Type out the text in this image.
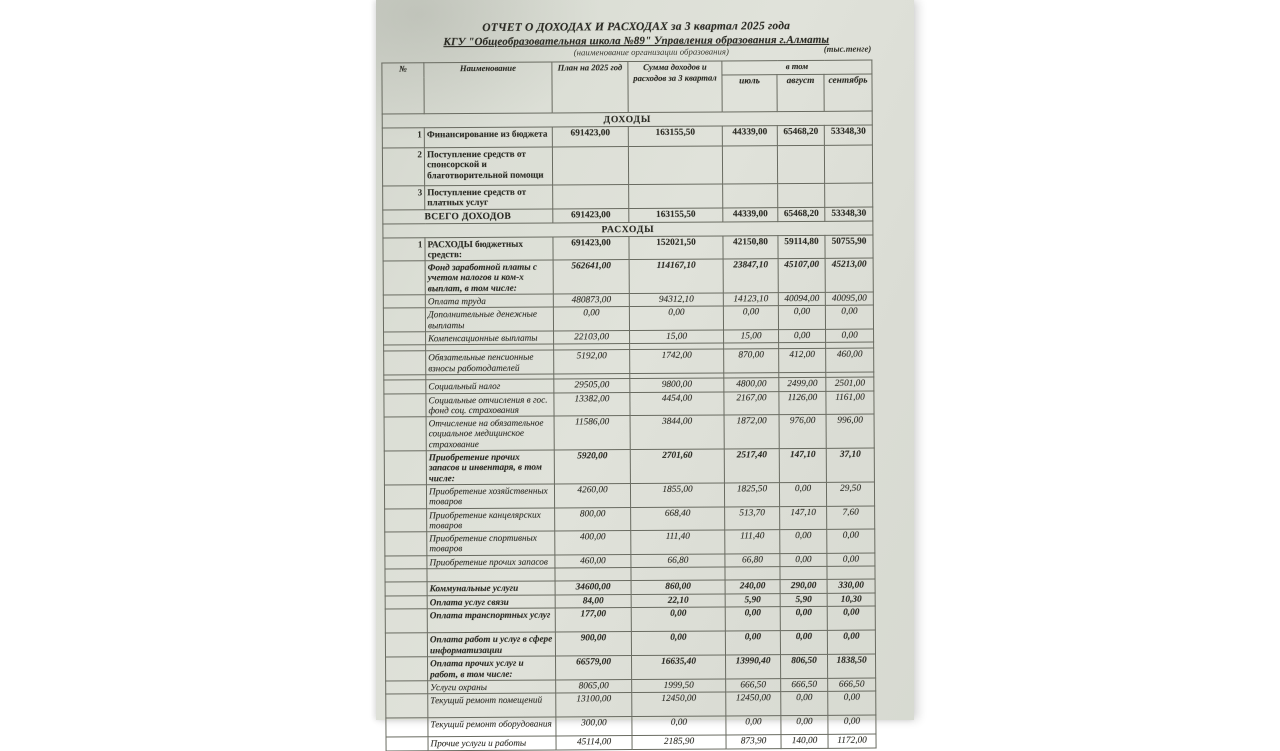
ОТЧЕТ О ДОХОДАХ И РАСХОДАХ за 3 квартал 2025 года
КГУ "Общеобразовательная школа №89" Управления образования г.Алматы
(наименование организации образования)	(тыс.тенге)
№	Наименование	План на 2025 год	Сумма доходов и расходов за 3 квартал	в том		
				июль	август	сентябрь
ДОХОДЫ						
1	Финансирование из бюджета	691423,00	163155,50	44339,00	65468,20	53348,30
2	Поступление средств от спонсорской и благотворительной помощи					
3	Поступление средств от платных услуг					
ВСЕГО ДОХОДОВ		691423,00	163155,50	44339,00	65468,20	53348,30
РАСХОДЫ						
1	РАСХОДЫ бюджетных средств:	691423,00	152021,50	42150,80	59114,80	50755,90
	Фонд заработной платы с учетом налогов и ком-х выплат, в том числе:	562641,00	114167,10	23847,10	45107,00	45213,00
	Оплата труда	480873,00	94312,10	14123,10	40094,00	40095,00
	Дополнительные денежные выплаты	0,00	0,00	0,00	0,00	0,00
	Компенсационные выплаты	22103,00	15,00	15,00	0,00	0,00

	Обязательные пенсионные взносы работодателей	5192,00	1742,00	870,00	412,00	460,00

	Социальный налог	29505,00	9800,00	4800,00	2499,00	2501,00
	Социальные отчисления в гос. фонд соц. страхования	13382,00	4454,00	2167,00	1126,00	1161,00
	Отчисление на обязательное социальное медицинское страхование	11586,00	3844,00	1872,00	976,00	996,00
	Приобретение прочих запасов и инвентаря, в том числе:	5920,00	2701,60	2517,40	147,10	37,10
	Приобретение хозяйственных товаров	4260,00	1855,00	1825,50	0,00	29,50
	Приобретение канцелярских товаров	800,00	668,40	513,70	147,10	7,60
	Приобретение спортивных товаров	400,00	111,40	111,40	0,00	0,00
	Приобретение прочих запасов	460,00	66,80	66,80	0,00	0,00

	Коммунальные услуги	34600,00	860,00	240,00	290,00	330,00
	Оплата услуг связи	84,00	22,10	5,90	5,90	10,30
	Оплата транспортных услуг	177,00	0,00	0,00	0,00	0,00
	Оплата работ и услуг в сфере информатизации	900,00	0,00	0,00	0,00	0,00
	Оплата прочих услуг и работ, в том числе:	66579,00	16635,40	13990,40	806,50	1838,50
	Услуги охраны	8065,00	1999,50	666,50	666,50	666,50
	Текущий ремонт помещений	13100,00	12450,00	12450,00	0,00	0,00
	Текущий ремонт оборудования	300,00	0,00	0,00	0,00	0,00
	Прочие услуги и работы	45114,00	2185,90	873,90	140,00	1172,00
